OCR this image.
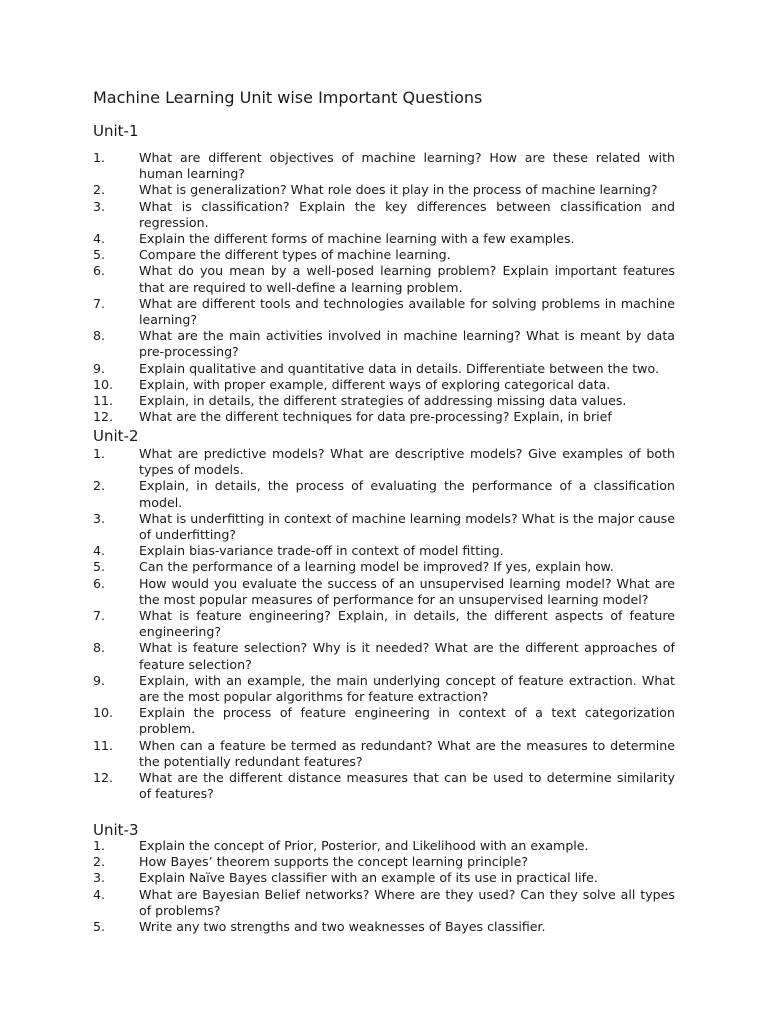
Machine Learning Unit wise Important Questions
Unit-1
1.	What are different objectives of machine learning? How are these related with human learning?
2.	What is generalization? What role does it play in the process of machine learning?
3.	What is classification? Explain the key differences between classification and regression.
4.	Explain the different forms of machine learning with a few examples.
5.	Compare the different types of machine learning.
6.	What do you mean by a well-posed learning problem? Explain important features that are required to well-define a learning problem.
7.	What are different tools and technologies available for solving problems in machine learning?
8.	What are the main activities involved in machine learning? What is meant by data pre-processing?
9.	Explain qualitative and quantitative data in details. Differentiate between the two.
10.	Explain, with proper example, different ways of exploring categorical data.
11.	Explain, in details, the different strategies of addressing missing data values.
12.	What are the different techniques for data pre-processing? Explain, in brief
Unit-2
1.	What are predictive models? What are descriptive models? Give examples of both types of models.
2.	Explain, in details, the process of evaluating the performance of a classification model.
3.	What is underfitting in context of machine learning models? What is the major cause of underfitting?
4.	Explain bias-variance trade-off in context of model fitting.
5.	Can the performance of a learning model be improved? If yes, explain how.
6.	How would you evaluate the success of an unsupervised learning model? What are the most popular measures of performance for an unsupervised learning model?
7.	What is feature engineering? Explain, in details, the different aspects of feature engineering?
8.	What is feature selection? Why is it needed? What are the different approaches of feature selection?
9.	Explain, with an example, the main underlying concept of feature extraction. What are the most popular algorithms for feature extraction?
10.	Explain the process of feature engineering in context of a text categorization problem.
11.	When can a feature be termed as redundant? What are the measures to determine the potentially redundant features?
12.	What are the different distance measures that can be used to determine similarity of features?
Unit-3
1.	Explain the concept of Prior, Posterior, and Likelihood with an example.
2.	How Bayes’ theorem supports the concept learning principle?
3.	Explain Naïve Bayes classifier with an example of its use in practical life.
4.	What are Bayesian Belief networks? Where are they used? Can they solve all types of problems?
5.	Write any two strengths and two weaknesses of Bayes classifier.
